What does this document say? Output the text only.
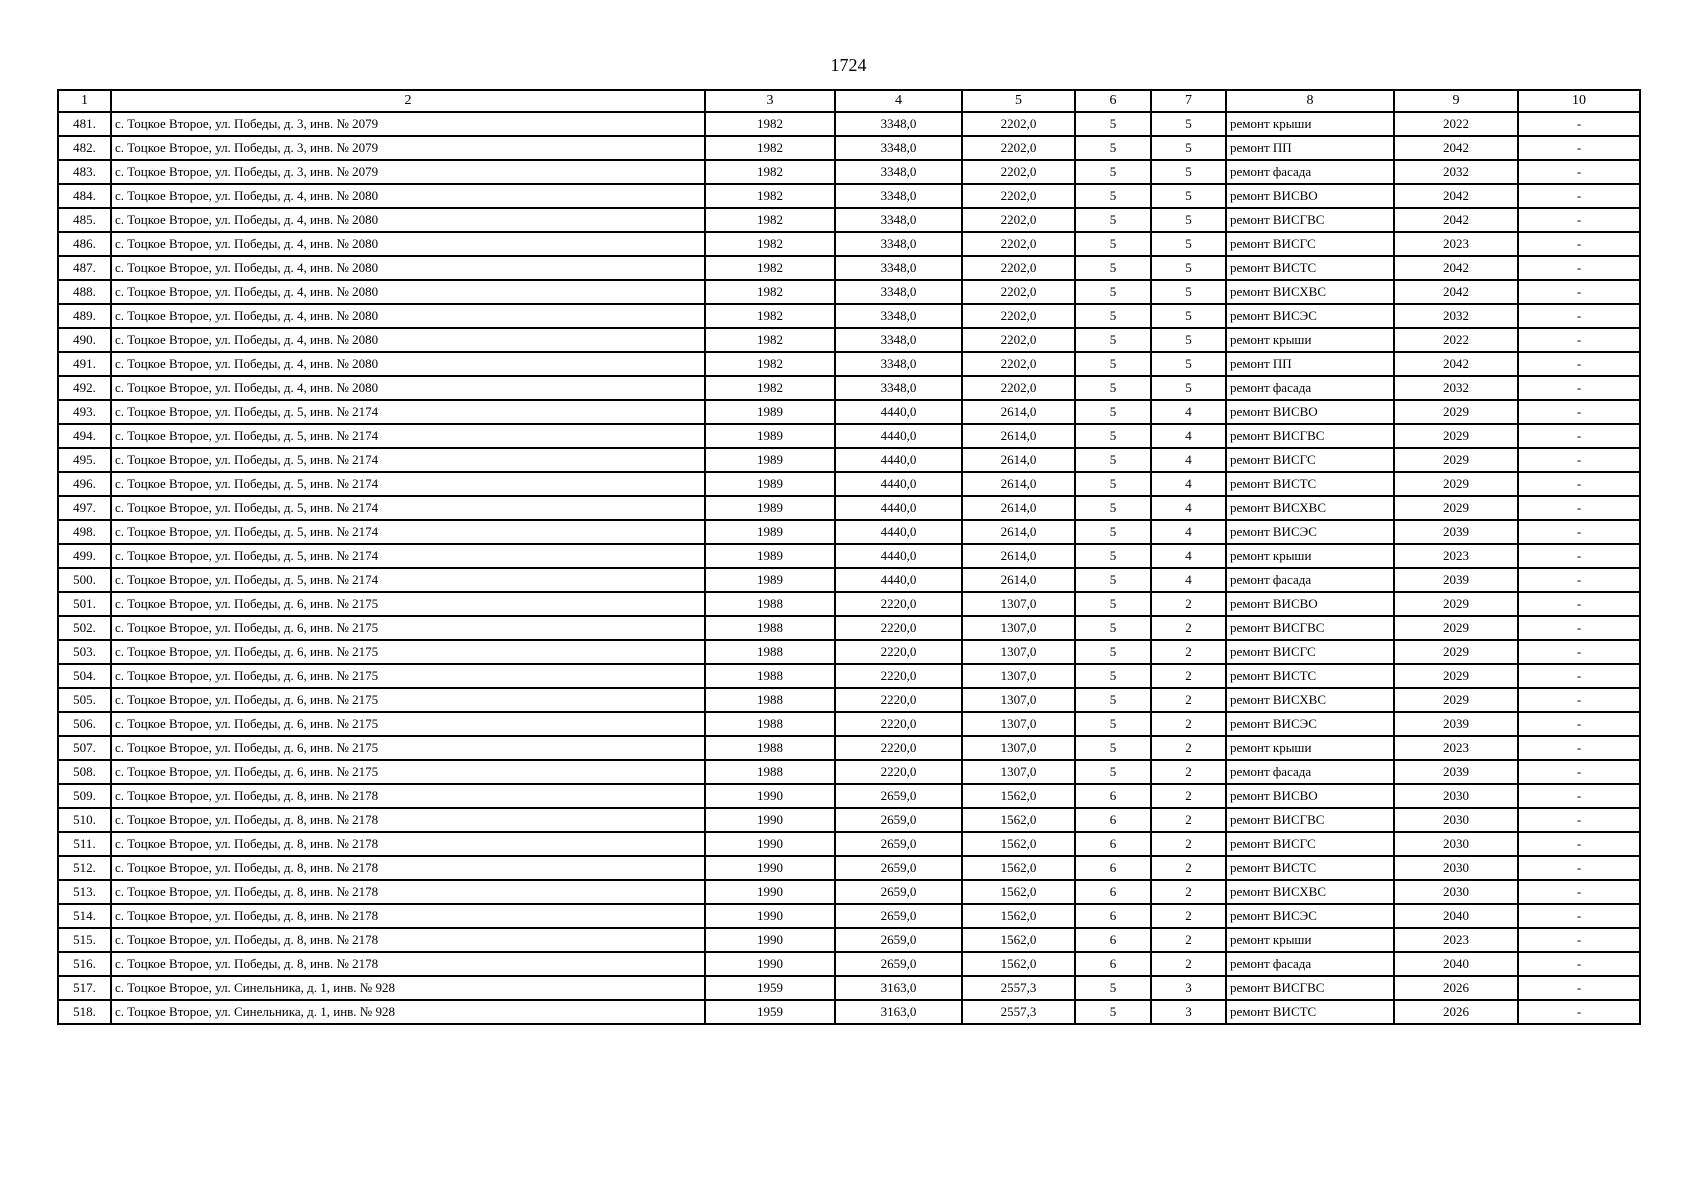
1724
1	2	3	4	5	6	7	8	9	10
481.	с. Тоцкое Второе, ул. Победы, д. 3, инв. № 2079	1982	3348,0	2202,0	5	5	ремонт крыши	2022	-
482.	с. Тоцкое Второе, ул. Победы, д. 3, инв. № 2079	1982	3348,0	2202,0	5	5	ремонт ПП	2042	-
483.	с. Тоцкое Второе, ул. Победы, д. 3, инв. № 2079	1982	3348,0	2202,0	5	5	ремонт фасада	2032	-
484.	с. Тоцкое Второе, ул. Победы, д. 4, инв. № 2080	1982	3348,0	2202,0	5	5	ремонт ВИСВО	2042	-
485.	с. Тоцкое Второе, ул. Победы, д. 4, инв. № 2080	1982	3348,0	2202,0	5	5	ремонт ВИСГВС	2042	-
486.	с. Тоцкое Второе, ул. Победы, д. 4, инв. № 2080	1982	3348,0	2202,0	5	5	ремонт ВИСГС	2023	-
487.	с. Тоцкое Второе, ул. Победы, д. 4, инв. № 2080	1982	3348,0	2202,0	5	5	ремонт ВИСТС	2042	-
488.	с. Тоцкое Второе, ул. Победы, д. 4, инв. № 2080	1982	3348,0	2202,0	5	5	ремонт ВИСХВС	2042	-
489.	с. Тоцкое Второе, ул. Победы, д. 4, инв. № 2080	1982	3348,0	2202,0	5	5	ремонт ВИСЭС	2032	-
490.	с. Тоцкое Второе, ул. Победы, д. 4, инв. № 2080	1982	3348,0	2202,0	5	5	ремонт крыши	2022	-
491.	с. Тоцкое Второе, ул. Победы, д. 4, инв. № 2080	1982	3348,0	2202,0	5	5	ремонт ПП	2042	-
492.	с. Тоцкое Второе, ул. Победы, д. 4, инв. № 2080	1982	3348,0	2202,0	5	5	ремонт фасада	2032	-
493.	с. Тоцкое Второе, ул. Победы, д. 5, инв. № 2174	1989	4440,0	2614,0	5	4	ремонт ВИСВО	2029	-
494.	с. Тоцкое Второе, ул. Победы, д. 5, инв. № 2174	1989	4440,0	2614,0	5	4	ремонт ВИСГВС	2029	-
495.	с. Тоцкое Второе, ул. Победы, д. 5, инв. № 2174	1989	4440,0	2614,0	5	4	ремонт ВИСГС	2029	-
496.	с. Тоцкое Второе, ул. Победы, д. 5, инв. № 2174	1989	4440,0	2614,0	5	4	ремонт ВИСТС	2029	-
497.	с. Тоцкое Второе, ул. Победы, д. 5, инв. № 2174	1989	4440,0	2614,0	5	4	ремонт ВИСХВС	2029	-
498.	с. Тоцкое Второе, ул. Победы, д. 5, инв. № 2174	1989	4440,0	2614,0	5	4	ремонт ВИСЭС	2039	-
499.	с. Тоцкое Второе, ул. Победы, д. 5, инв. № 2174	1989	4440,0	2614,0	5	4	ремонт крыши	2023	-
500.	с. Тоцкое Второе, ул. Победы, д. 5, инв. № 2174	1989	4440,0	2614,0	5	4	ремонт фасада	2039	-
501.	с. Тоцкое Второе, ул. Победы, д. 6, инв. № 2175	1988	2220,0	1307,0	5	2	ремонт ВИСВО	2029	-
502.	с. Тоцкое Второе, ул. Победы, д. 6, инв. № 2175	1988	2220,0	1307,0	5	2	ремонт ВИСГВС	2029	-
503.	с. Тоцкое Второе, ул. Победы, д. 6, инв. № 2175	1988	2220,0	1307,0	5	2	ремонт ВИСГС	2029	-
504.	с. Тоцкое Второе, ул. Победы, д. 6, инв. № 2175	1988	2220,0	1307,0	5	2	ремонт ВИСТС	2029	-
505.	с. Тоцкое Второе, ул. Победы, д. 6, инв. № 2175	1988	2220,0	1307,0	5	2	ремонт ВИСХВС	2029	-
506.	с. Тоцкое Второе, ул. Победы, д. 6, инв. № 2175	1988	2220,0	1307,0	5	2	ремонт ВИСЭС	2039	-
507.	с. Тоцкое Второе, ул. Победы, д. 6, инв. № 2175	1988	2220,0	1307,0	5	2	ремонт крыши	2023	-
508.	с. Тоцкое Второе, ул. Победы, д. 6, инв. № 2175	1988	2220,0	1307,0	5	2	ремонт фасада	2039	-
509.	с. Тоцкое Второе, ул. Победы, д. 8, инв. № 2178	1990	2659,0	1562,0	6	2	ремонт ВИСВО	2030	-
510.	с. Тоцкое Второе, ул. Победы, д. 8, инв. № 2178	1990	2659,0	1562,0	6	2	ремонт ВИСГВС	2030	-
511.	с. Тоцкое Второе, ул. Победы, д. 8, инв. № 2178	1990	2659,0	1562,0	6	2	ремонт ВИСГС	2030	-
512.	с. Тоцкое Второе, ул. Победы, д. 8, инв. № 2178	1990	2659,0	1562,0	6	2	ремонт ВИСТС	2030	-
513.	с. Тоцкое Второе, ул. Победы, д. 8, инв. № 2178	1990	2659,0	1562,0	6	2	ремонт ВИСХВС	2030	-
514.	с. Тоцкое Второе, ул. Победы, д. 8, инв. № 2178	1990	2659,0	1562,0	6	2	ремонт ВИСЭС	2040	-
515.	с. Тоцкое Второе, ул. Победы, д. 8, инв. № 2178	1990	2659,0	1562,0	6	2	ремонт крыши	2023	-
516.	с. Тоцкое Второе, ул. Победы, д. 8, инв. № 2178	1990	2659,0	1562,0	6	2	ремонт фасада	2040	-
517.	с. Тоцкое Второе, ул. Синельника, д. 1, инв. № 928	1959	3163,0	2557,3	5	3	ремонт ВИСГВС	2026	-
518.	с. Тоцкое Второе, ул. Синельника, д. 1, инв. № 928	1959	3163,0	2557,3	5	3	ремонт ВИСТС	2026	-
